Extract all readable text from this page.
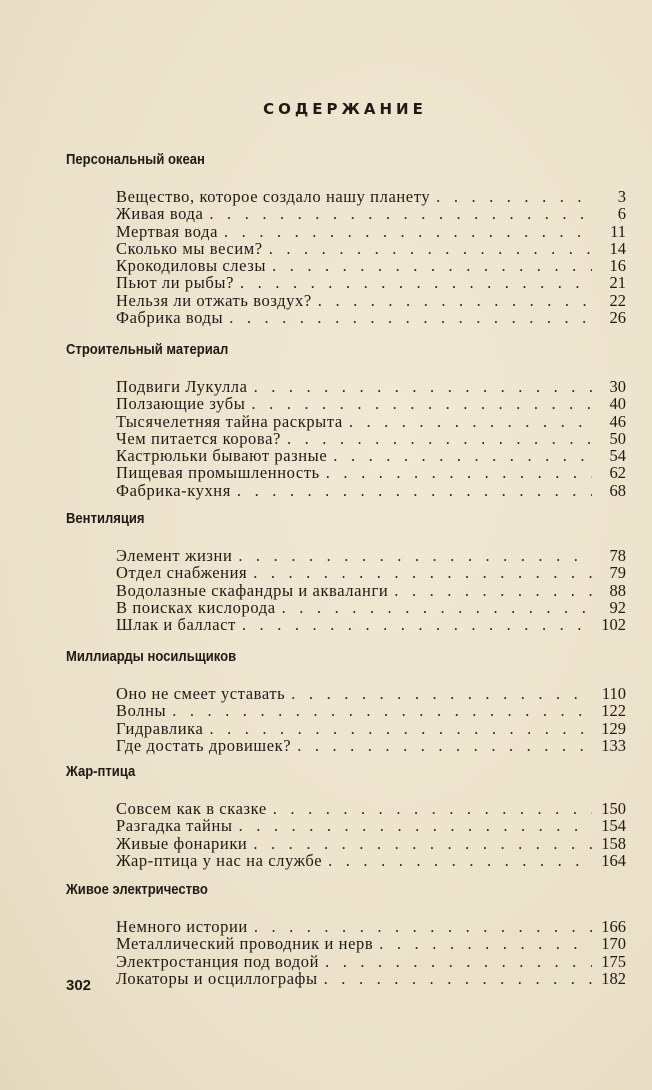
СОДЕРЖАНИЕ
Персональный океан
Вещество, которое создало нашу планету . . .	3
Живая вода . . .	6
Мертвая вода . . .	11
Сколько мы весим? . . .	14
Крокодиловы слезы . . .	16
Пьют ли рыбы? . . .	21
Нельзя ли отжать воздух? . . .	22
Фабрика воды . . .	26
Строительный материал
Подвиги Лукулла . . .	30
Ползающие зубы . . .	40
Тысячелетняя тайна раскрыта . . .	46
Чем питается корова? . . .	50
Кастрюльки бывают разные . . .	54
Пищевая промышленность . . .	62
Фабрика-кухня . . .	68
Вентиляция
Элемент жизни . . .	78
Отдел снабжения . . .	79
Водолазные скафандры и акваланги . . .	88
В поисках кислорода . . .	92
Шлак и балласт . . .	102
Миллиарды носильщиков
Оно не смеет уставать . . .	110
Волны . . .	122
Гидравлика . . .	129
Где достать дровишек? . . .	133
Жар-птица
Совсем как в сказке . . .	150
Разгадка тайны . . .	154
Живые фонарики . . .	158
Жар-птица у нас на службе . . .	164
Живое электричество
Немного истории . . .	166
Металлический проводник и нерв . . .	170
Электростанция под водой . . .	175
Локаторы и осциллографы . . .	182
302
